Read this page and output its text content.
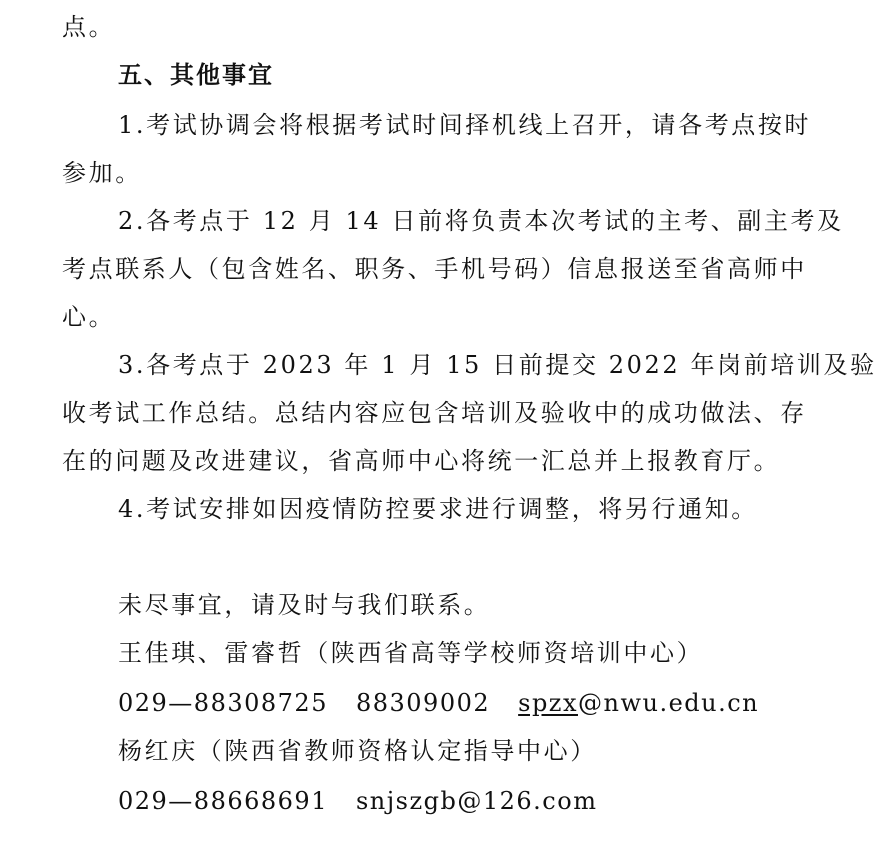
点。
五、其他事宜
1.考试协调会将根据考试时间择机线上召开，请各考点按时
参加。
2.各考点于 12 月 14 日前将负责本次考试的主考、副主考及
考点联系人（包含姓名、职务、手机号码）信息报送至省高师中
心。
3.各考点于 2023 年 1 月 15 日前提交 2022 年岗前培训及验
收考试工作总结。总结内容应包含培训及验收中的成功做法、存
在的问题及改进建议，省高师中心将统一汇总并上报教育厅。
4.考试安排如因疫情防控要求进行调整，将另行通知。
未尽事宜，请及时与我们联系。
王佳琪、雷睿哲（陕西省高等学校师资培训中心）
029—88308725 88309002 spzx@nwu.edu.cn
杨红庆（陕西省教师资格认定指导中心）
029—88668691 snjszgb@126.com
